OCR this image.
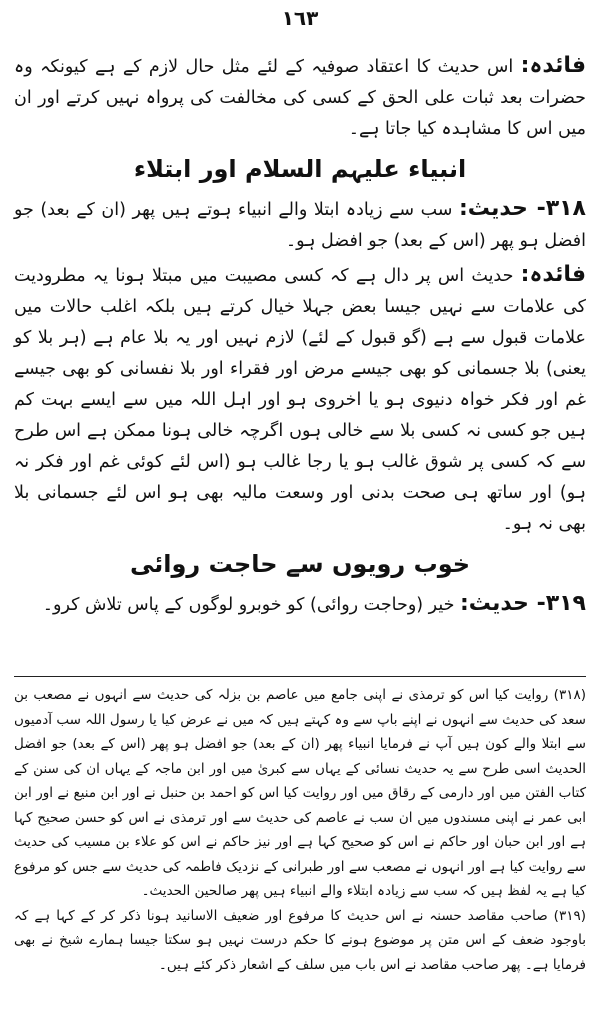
١٦٣

فائدہ: اس حدیث کا اعتقاد صوفیہ کے لئے مثل حال لازم کے ہے کیونکہ وہ حضرات بعد ثبات علی الحق کے کسی کی مخالفت کی پرواہ نہیں کرتے اور ان میں اس کا مشاہدہ کیا جاتا ہے۔

انبیاء علیہم السلام اور ابتلاء

٣١٨- حدیث: سب سے زیادہ ابتلا والے انبیاء ہوتے ہیں پھر (ان کے بعد) جو افضل ہو پھر (اس کے بعد) جو افضل ہو۔

فائدہ: حدیث اس پر دال ہے کہ کسی مصیبت میں مبتلا ہونا یہ مطرودیت کی علامات سے نہیں جیسا بعض جہلا خیال کرتے ہیں بلکہ اغلب حالات میں علامات قبول سے ہے (گو قبول کے لئے) لازم نہیں اور یہ بلا عام ہے (ہر بلا کو یعنی) بلا جسمانی کو بھی جیسے مرض اور فقراء اور بلا نفسانی کو بھی جیسے غم اور فکر خواہ دنیوی ہو یا اخروی ہو اور اہل اللہ میں سے ایسے بہت کم ہیں جو کسی نہ کسی بلا سے خالی ہوں اگرچہ خالی ہونا ممکن ہے اس طرح سے کہ کسی پر شوق غالب ہو یا رجا غالب ہو (اس لئے کوئی غم اور فکر نہ ہو) اور ساتھ ہی صحت بدنی اور وسعت مالیہ بھی ہو اس لئے جسمانی بلا بھی نہ ہو۔

خوب رویوں سے حاجت روائی

٣١٩- حدیث: خیر (وحاجت روائی) کو خوبرو لوگوں کے پاس تلاش کرو۔

(٣١٨) روایت کیا اس کو ترمذی نے اپنی جامع میں عاصم بن بزلہ کی حدیث سے انہوں نے مصعب بن سعد کی حدیث سے انہوں نے اپنے باپ سے وہ کہتے ہیں کہ میں نے عرض کیا یا رسول اللہ سب آدمیوں سے ابتلا والے کون ہیں آپ نے فرمایا انبیاء پھر (ان کے بعد) جو افضل ہو پھر (اس کے بعد) جو افضل الحدیث اسی طرح سے یہ حدیث نسائی کے یہاں سے کبریٰ میں اور ابن ماجہ کے یہاں ان کی سنن کے کتاب الفتن میں اور دارمی کے رقاق میں اور روایت کیا اس کو احمد بن حنبل نے اور ابن منیع نے اور ابن ابی عمر نے اپنی مسندوں میں ان سب نے عاصم کی حدیث سے اور ترمذی نے اس کو حسن صحیح کہا ہے اور ابن حبان اور حاکم نے اس کو صحیح کہا ہے اور نیز حاکم نے اس کو علاء بن مسیب کی حدیث سے روایت کیا ہے اور انہوں نے مصعب سے اور طبرانی کے نزدیک فاطمہ کی حدیث سے جس کو مرفوع کیا ہے یہ لفظ ہیں کہ سب سے زیادہ ابتلاء والے انبیاء ہیں پھر صالحین الحدیث۔

(٣١٩) صاحب مقاصد حسنہ نے اس حدیث کا مرفوع اور ضعیف الاسانید ہونا ذکر کر کے کہا ہے کہ باوجود ضعف کے اس متن پر موضوع ہونے کا حکم درست نہیں ہو سکتا جیسا ہمارے شیخ نے بھی فرمایا ہے۔ پھر صاحب مقاصد نے اس باب میں سلف کے اشعار ذکر کئے ہیں۔
